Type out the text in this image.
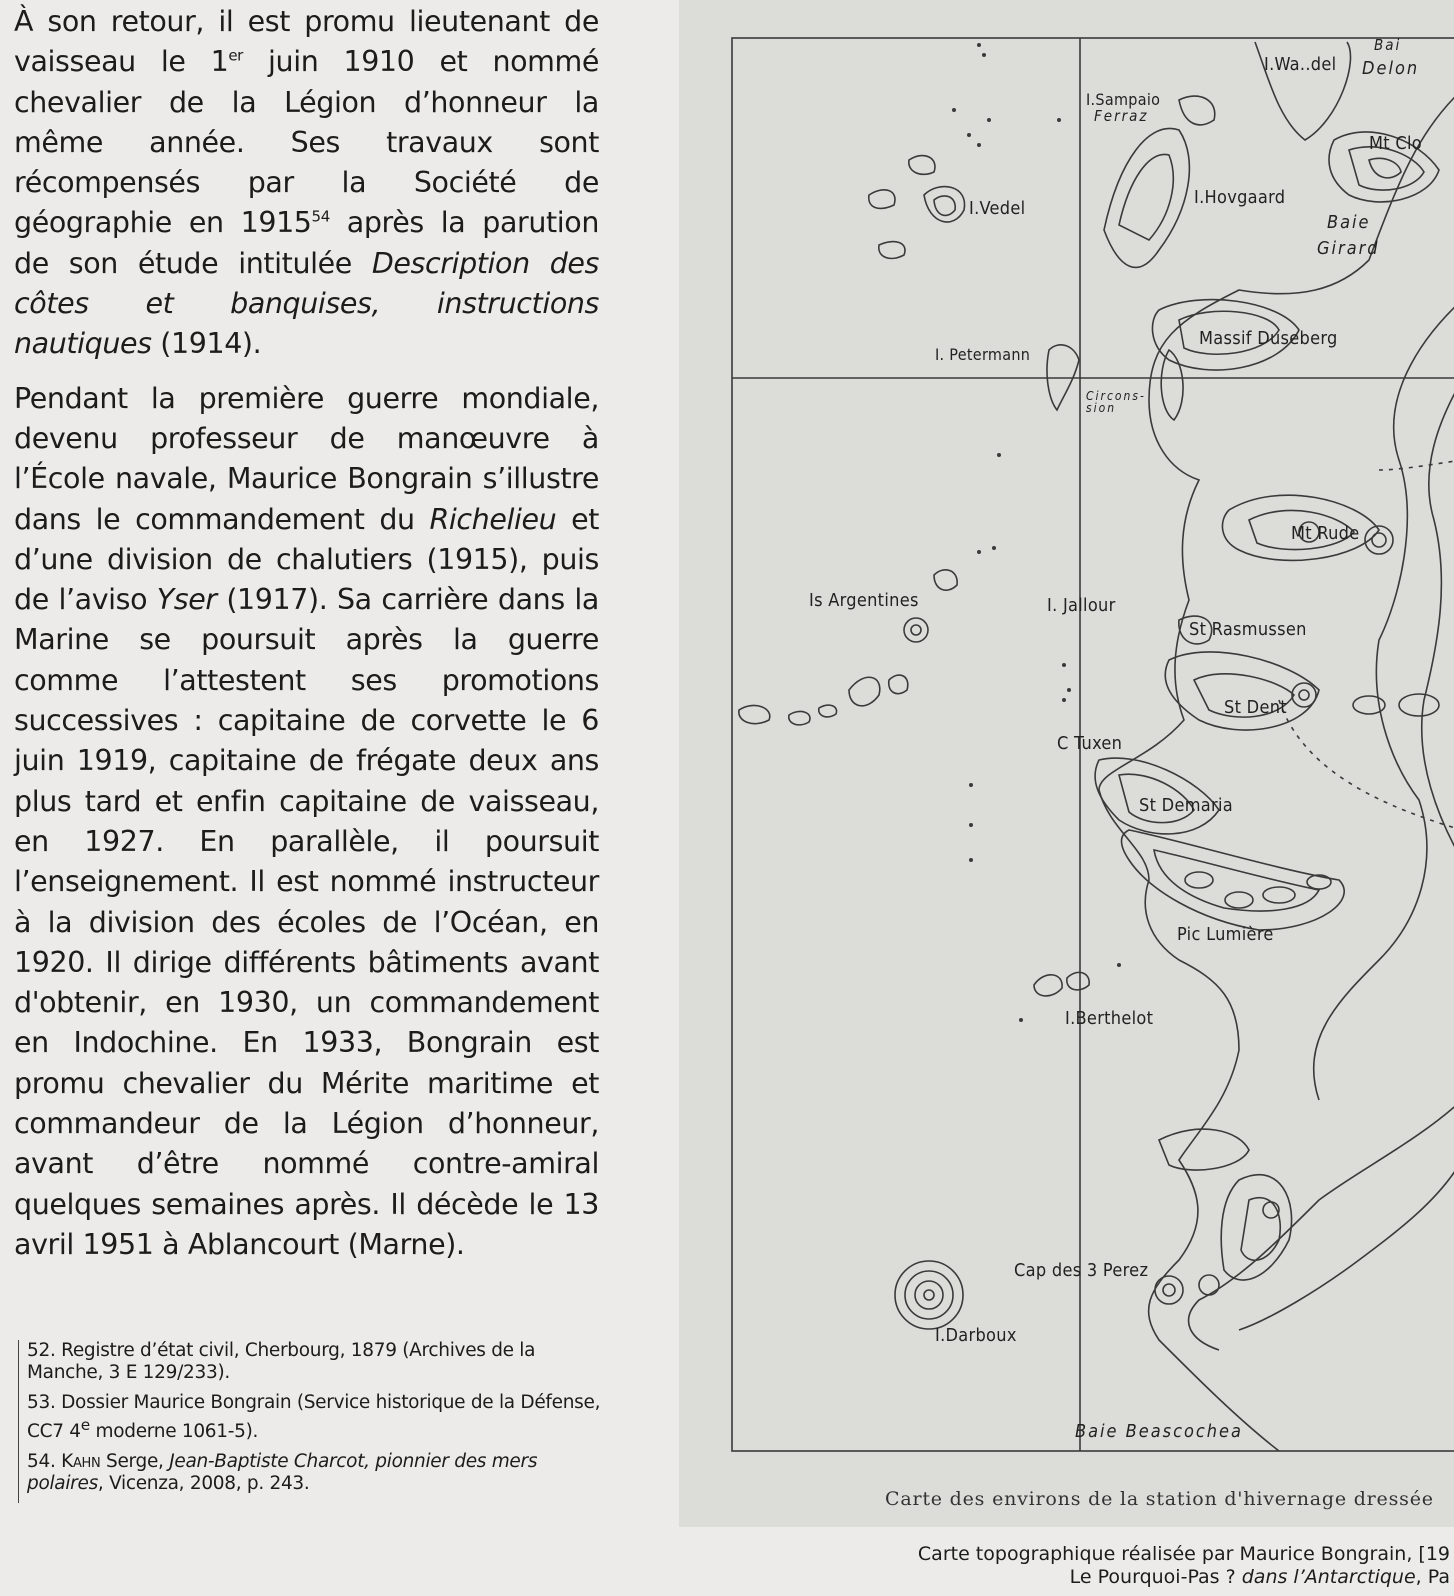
À son retour, il est promu lieutenant de vaisseau le 1er juin 1910 et nommé chevalier de la Légion d’honneur la même année. Ses travaux sont récompensés par la Société de géographie en 1915$^{54}$ après la parution de son étude intitulée Description des côtes et banquises, instructions nautiques (1914).

Pendant la première guerre mondiale, devenu professeur de manœuvre à l’École navale, Maurice Bongrain s’illustre dans le commandement du Richelieu et d’une division de chalutiers (1915), puis de l’aviso Yser (1917). Sa carrière dans la Marine se poursuit après la guerre comme l’attestent ses promotions successives : capitaine de corvette le 6 juin 1919, capitaine de frégate deux ans plus tard et enfin capitaine de vaisseau, en 1927. En parallèle, il poursuit l’enseignement. Il est nommé instructeur à la division des écoles de l’Océan, en 1920. Il dirige différents bâtiments avant d'obtenir, en 1930, un commandement en Indochine. En 1933, Bongrain est promu chevalier du Mérite maritime et commandeur de la Légion d’honneur, avant d’être nommé contre-amiral quelques semaines après. Il décède le 13 avril 1951 à Ablancourt (Marne).

52. Registre d’état civil, Cherbourg, 1879 (Archives de la Manche, 3 E 129/233).
53. Dossier Maurice Bongrain (Service historique de la Défense, CC7 4e moderne 1061-5).
54. Kahn Serge, Jean-Baptiste Charcot, pionnier des mers polaires, Vicenza, 2008, p. 243.
Bai
I.Wa..del Delon
I.Sampaio
Ferraz
Mt Clo
I.Vedel
I.Hovgaard
Baie
Girard
Massif Duseberg
I. Petermann
Circons- sion
Mt Rude
Is Argentines	I. Jallour
St Rasmussen
St Dent
C Tuxen
St Demaria
Pic Lumière
I.Berthelot
Cap des 3 Perez
I.Darboux
Baie Beascochea
Carte des environs de la station d'hivernage dressée
Carte topographique réalisée par Maurice Bongrain, [19
Le Pourquoi-Pas ? dans l’Antarctique, Pa
